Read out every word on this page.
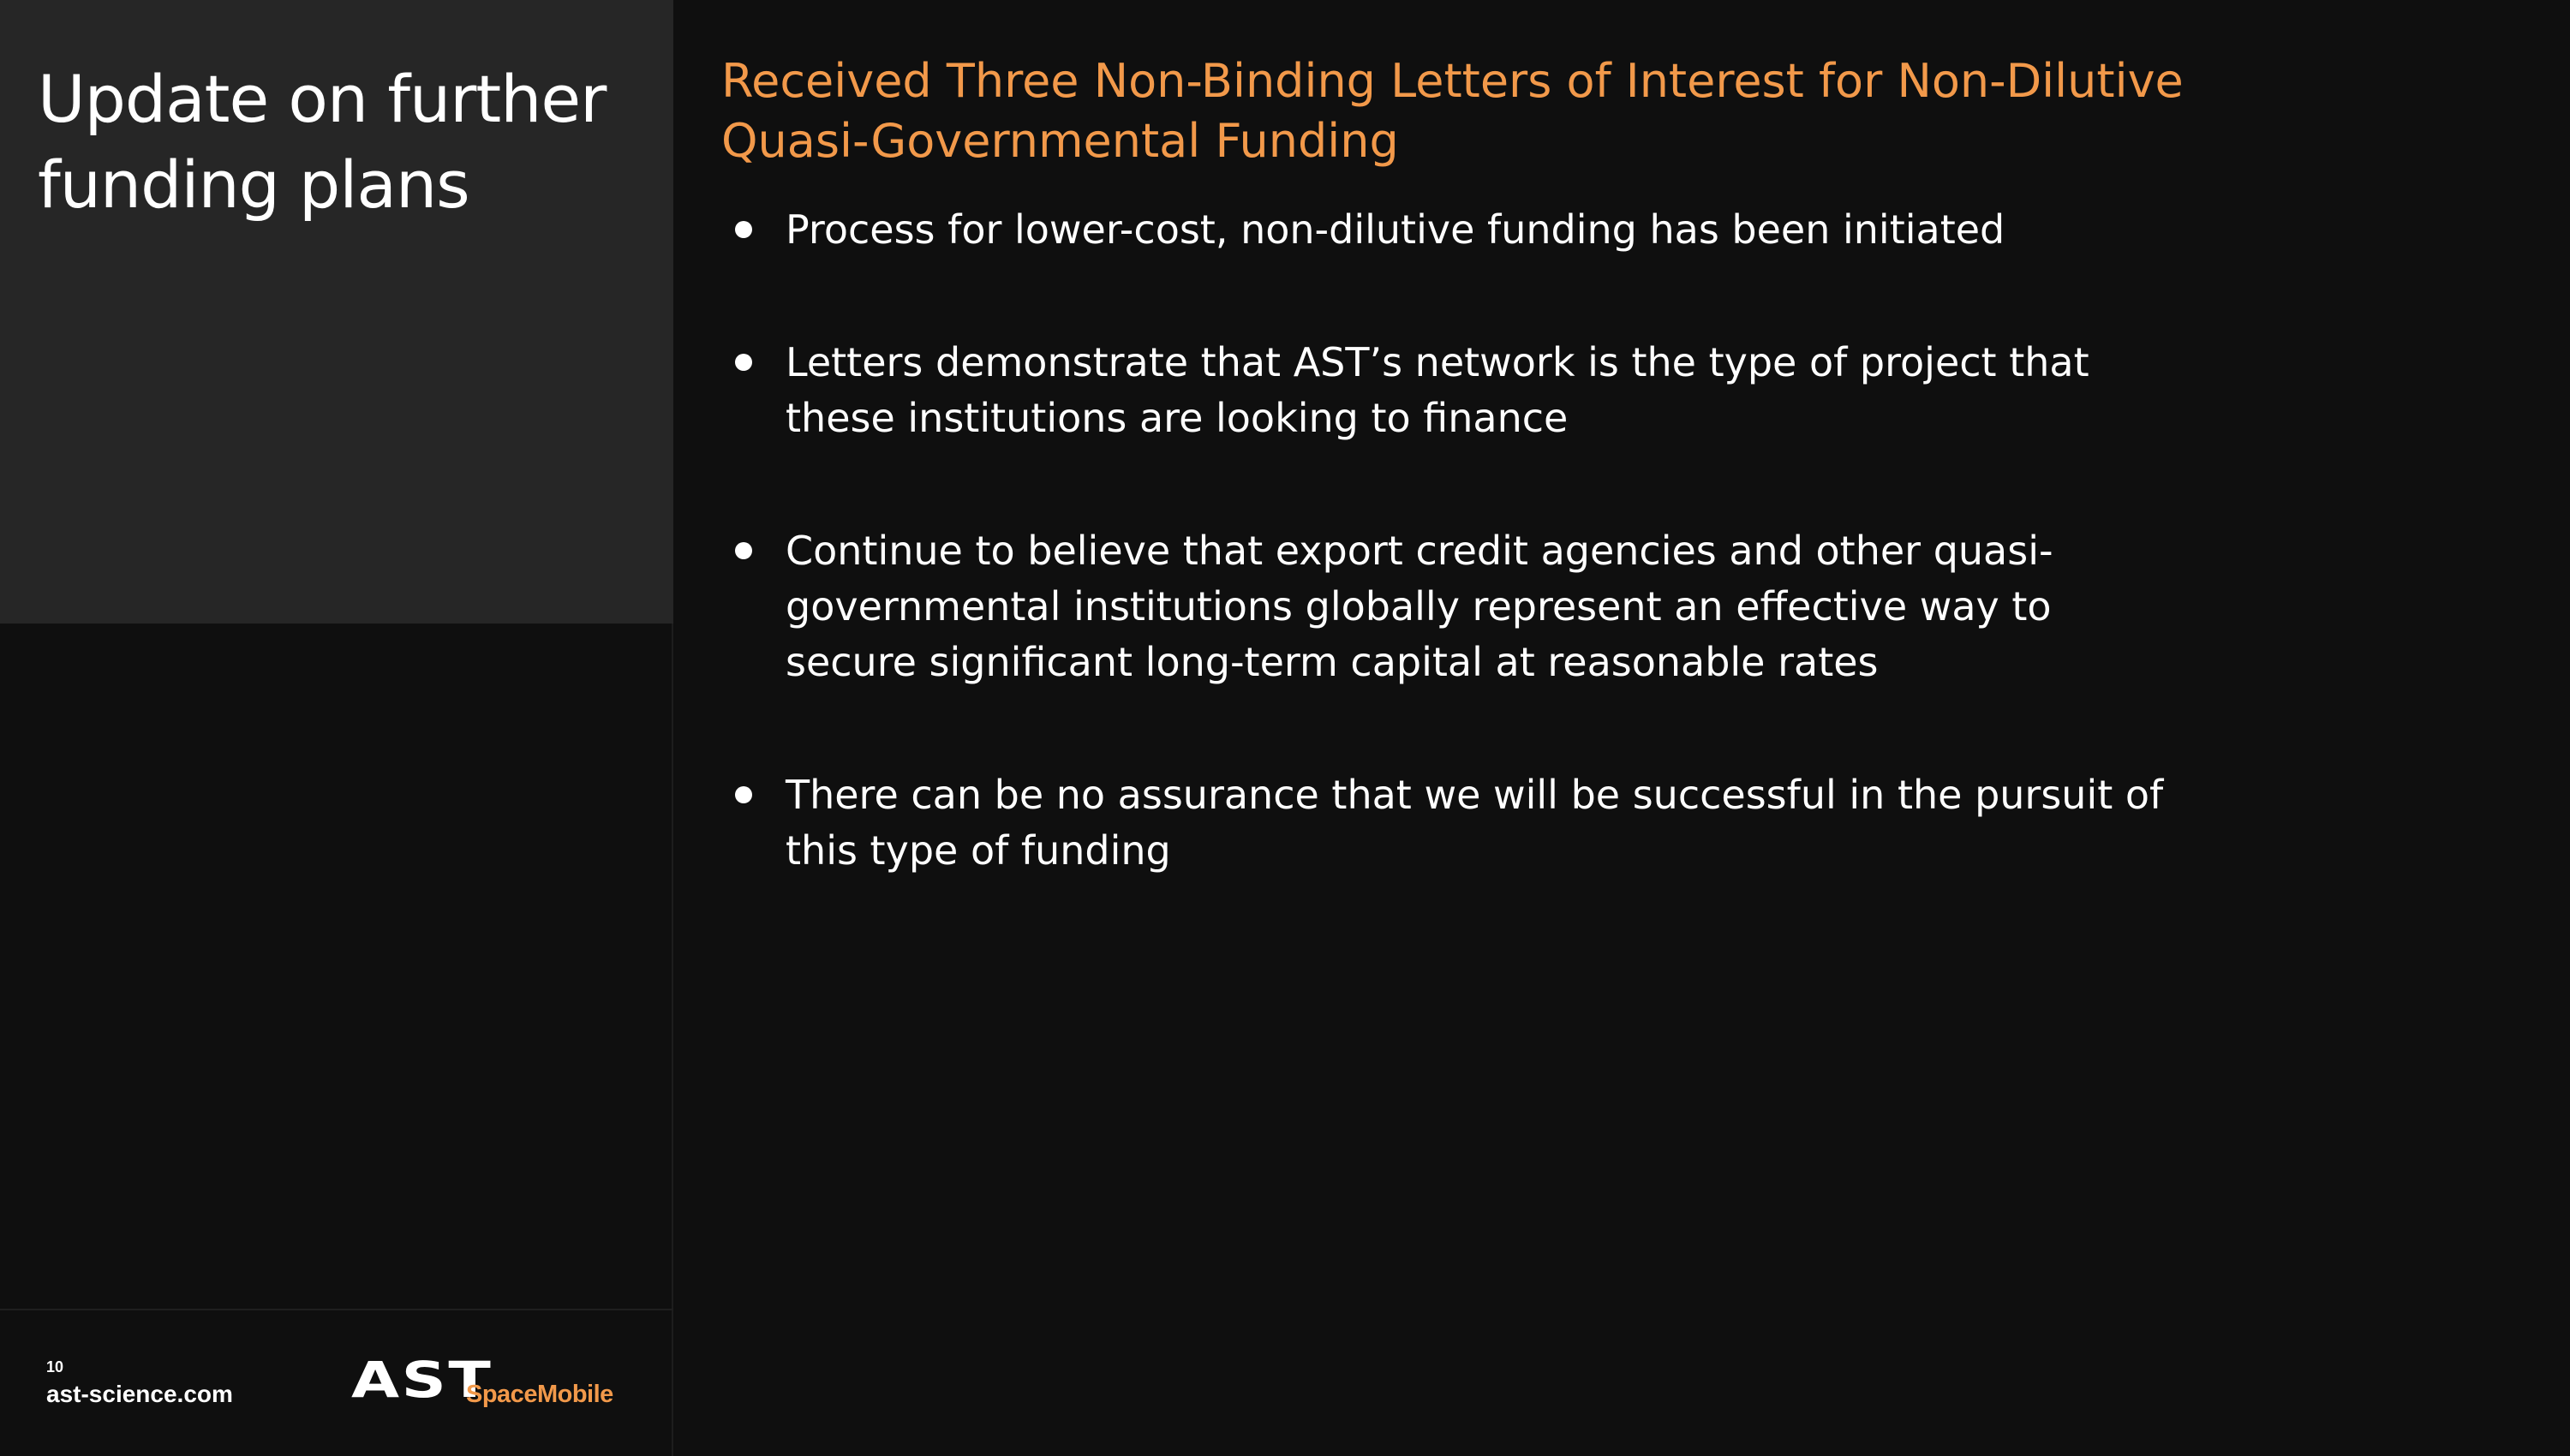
Update on further funding plans
10
ast-science.com AST
SpaceMobile
Received Three Non-Binding Letters of Interest for Non-Dilutive Quasi-Governmental Funding
Process for lower-cost, non-dilutive funding has been initiated
Letters demonstrate that AST’s network is the type of project that these institutions are looking to finance
Continue to believe that export credit agencies and other quasi-governmental institutions globally represent an effective way to secure significant long-term capital at reasonable rates
There can be no assurance that we will be successful in the pursuit of this type of funding
